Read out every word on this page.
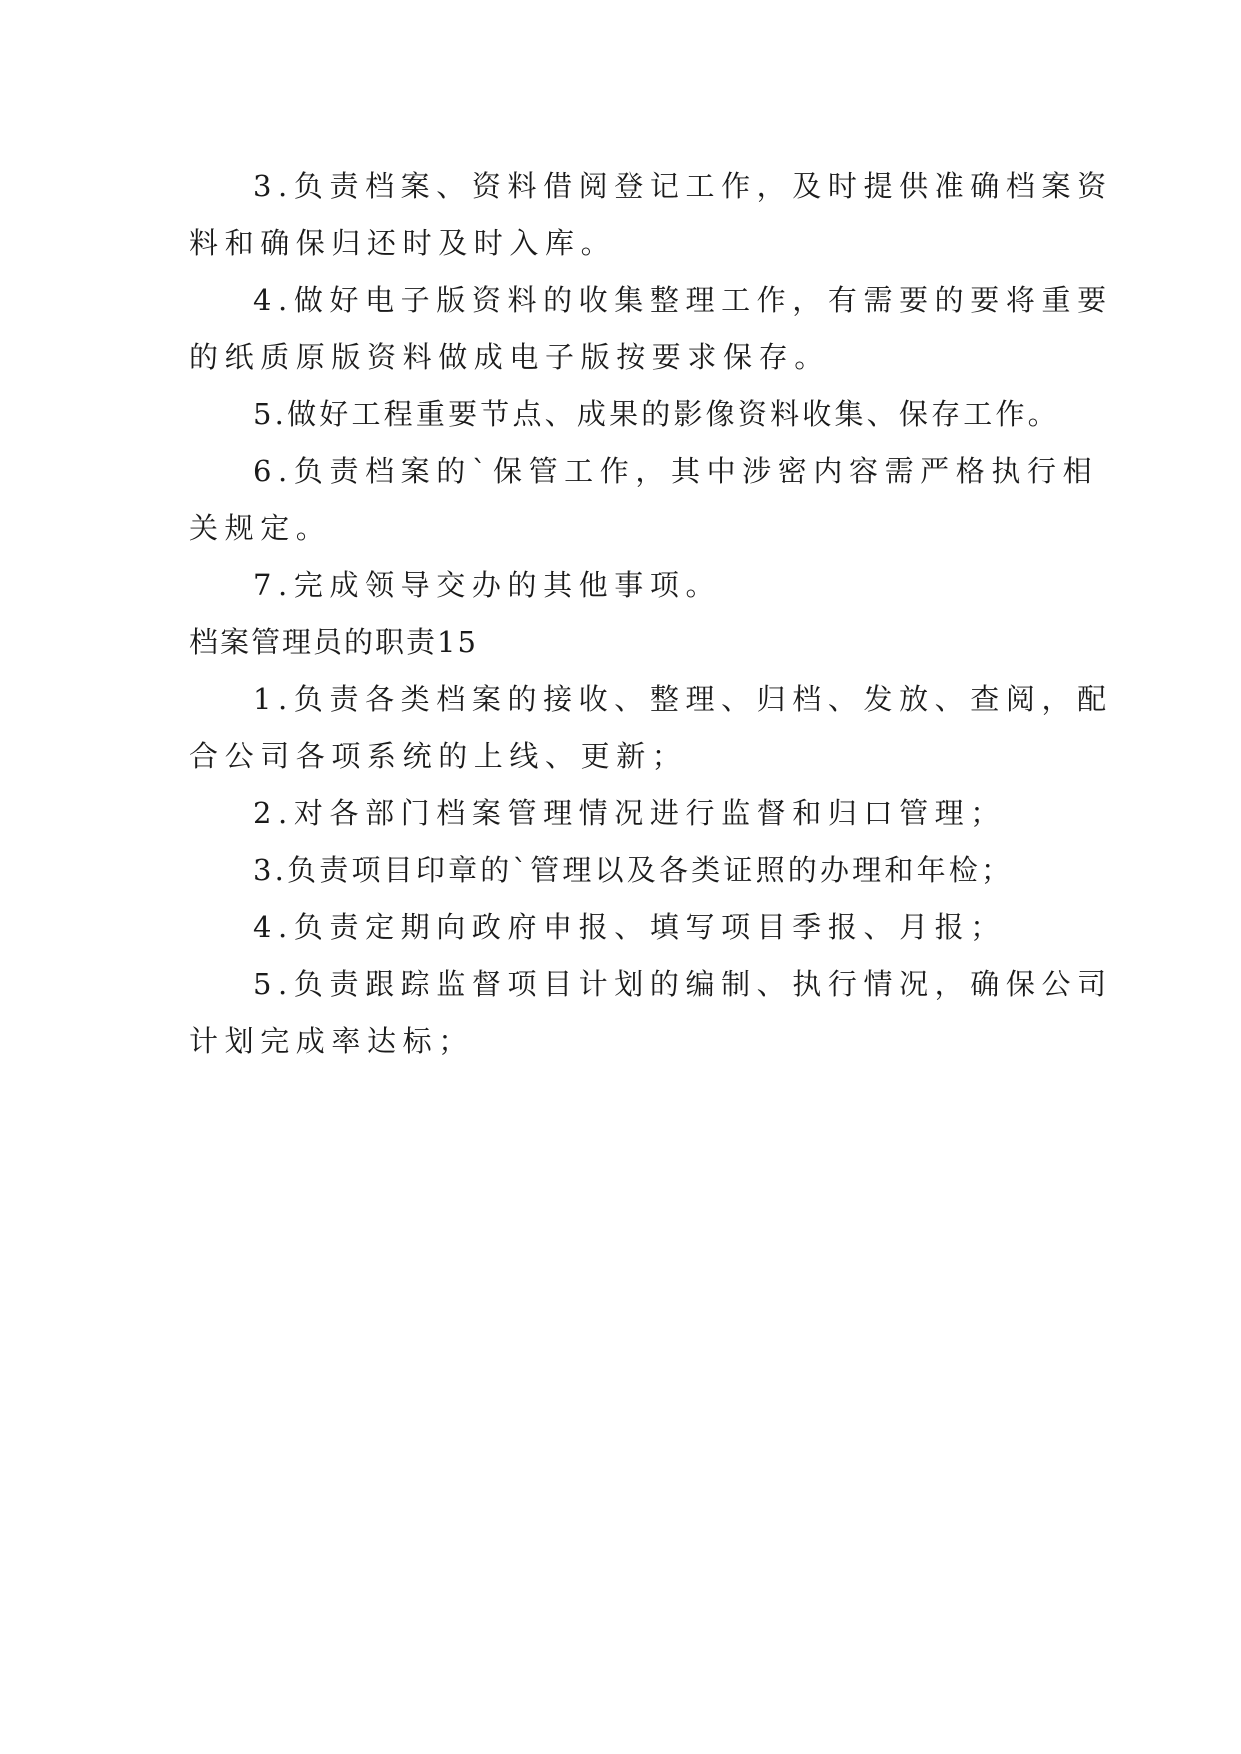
3.负责档案、资料借阅登记工作，及时提供准确档案资
料和确保归还时及时入库。
4.做好电子版资料的收集整理工作，有需要的要将重要
的纸质原版资料做成电子版按要求保存。
5.做好工程重要节点、成果的影像资料收集、保存工作。
6.负责档案的`保管工作，其中涉密内容需严格执行相
关规定。
7.完成领导交办的其他事项。
档案管理员的职责15
1.负责各类档案的接收、整理、归档、发放、查阅，配
合公司各项系统的上线、更新；
2.对各部门档案管理情况进行监督和归口管理；
3.负责项目印章的`管理以及各类证照的办理和年检；
4.负责定期向政府申报、填写项目季报、月报；
5.负责跟踪监督项目计划的编制、执行情况，确保公司
计划完成率达标；
